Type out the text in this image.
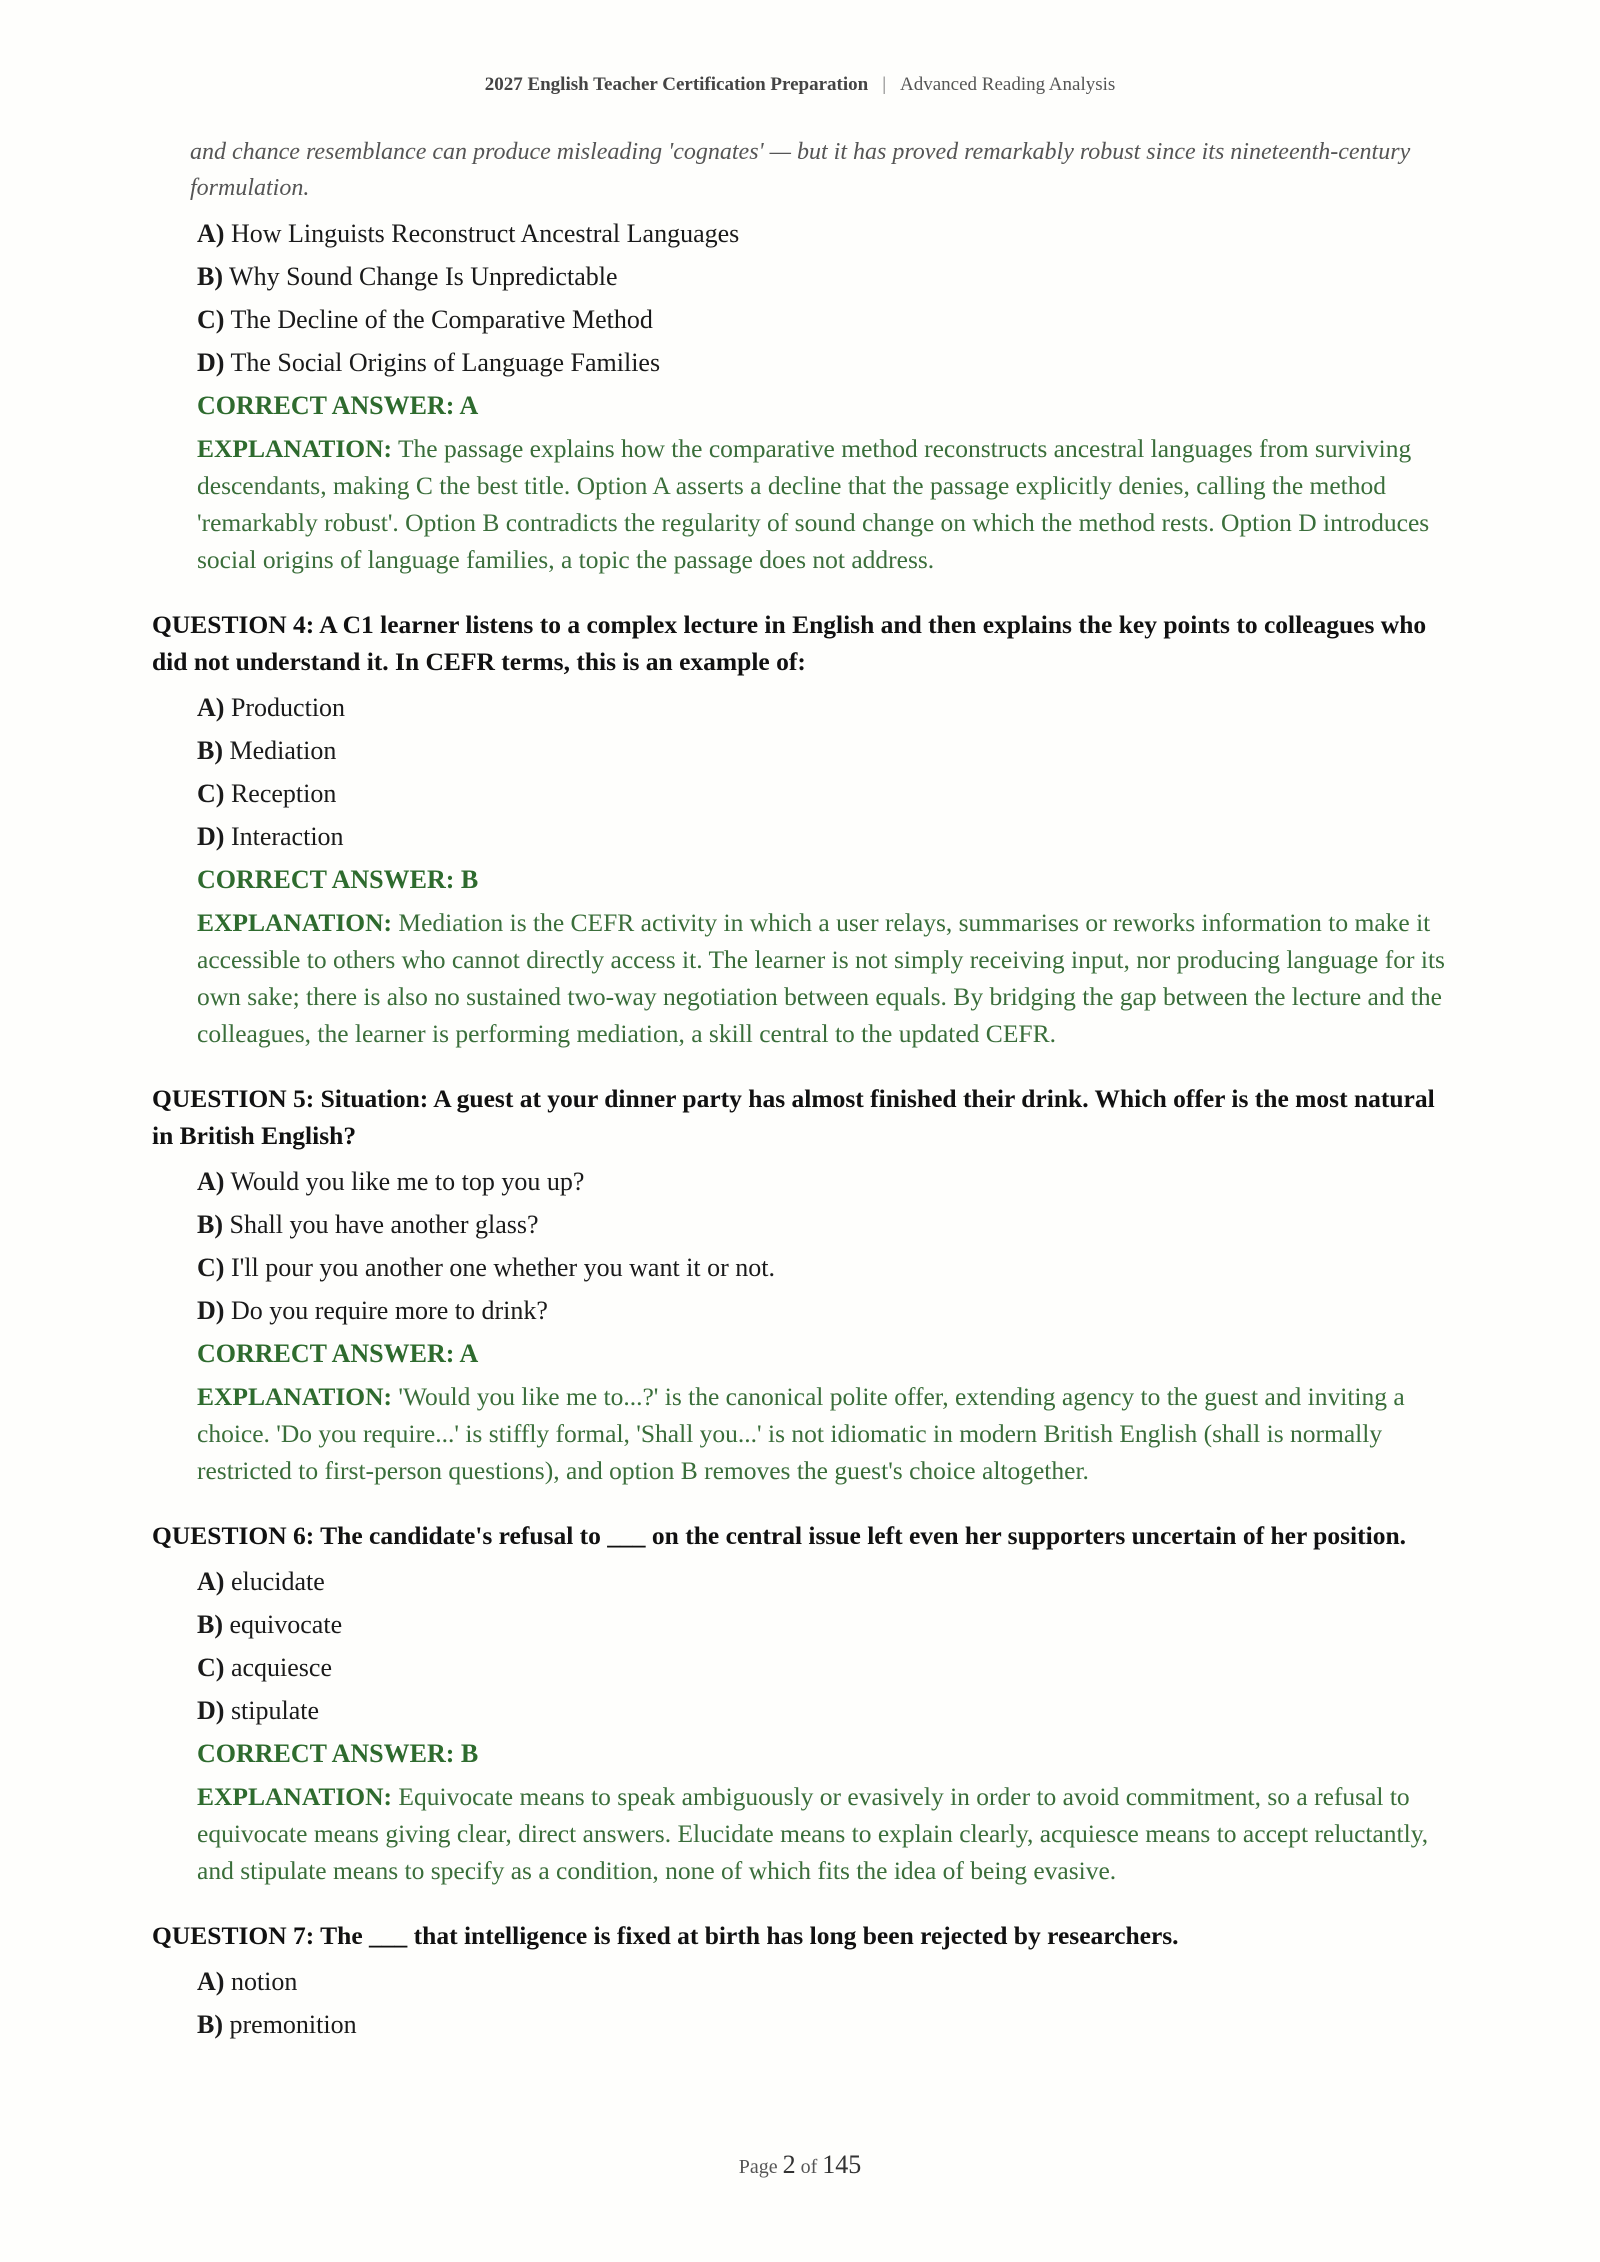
2027 English Teacher Certification Preparation | Advanced Reading Analysis
and chance resemblance can produce misleading 'cognates' — but it has proved remarkably robust since its nineteenth-century formulation.
A) How Linguists Reconstruct Ancestral Languages
B) Why Sound Change Is Unpredictable
C) The Decline of the Comparative Method
D) The Social Origins of Language Families
CORRECT ANSWER: A
EXPLANATION: The passage explains how the comparative method reconstructs ancestral languages from surviving descendants, making C the best title. Option A asserts a decline that the passage explicitly denies, calling the method 'remarkably robust'. Option B contradicts the regularity of sound change on which the method rests. Option D introduces social origins of language families, a topic the passage does not address.
QUESTION 4: A C1 learner listens to a complex lecture in English and then explains the key points to colleagues who did not understand it. In CEFR terms, this is an example of:
A) Production
B) Mediation
C) Reception
D) Interaction
CORRECT ANSWER: B
EXPLANATION: Mediation is the CEFR activity in which a user relays, summarises or reworks information to make it accessible to others who cannot directly access it. The learner is not simply receiving input, nor producing language for its own sake; there is also no sustained two-way negotiation between equals. By bridging the gap between the lecture and the colleagues, the learner is performing mediation, a skill central to the updated CEFR.
QUESTION 5: Situation: A guest at your dinner party has almost finished their drink. Which offer is the most natural in British English?
A) Would you like me to top you up?
B) Shall you have another glass?
C) I'll pour you another one whether you want it or not.
D) Do you require more to drink?
CORRECT ANSWER: A
EXPLANATION: 'Would you like me to...?' is the canonical polite offer, extending agency to the guest and inviting a choice. 'Do you require...' is stiffly formal, 'Shall you...' is not idiomatic in modern British English (shall is normally restricted to first-person questions), and option B removes the guest's choice altogether.
QUESTION 6: The candidate's refusal to ___ on the central issue left even her supporters uncertain of her position.
A) elucidate
B) equivocate
C) acquiesce
D) stipulate
CORRECT ANSWER: B
EXPLANATION: Equivocate means to speak ambiguously or evasively in order to avoid commitment, so a refusal to equivocate means giving clear, direct answers. Elucidate means to explain clearly, acquiesce means to accept reluctantly, and stipulate means to specify as a condition, none of which fits the idea of being evasive.
QUESTION 7: The ___ that intelligence is fixed at birth has long been rejected by researchers.
A) notion
B) premonition
Page 2 of 145
